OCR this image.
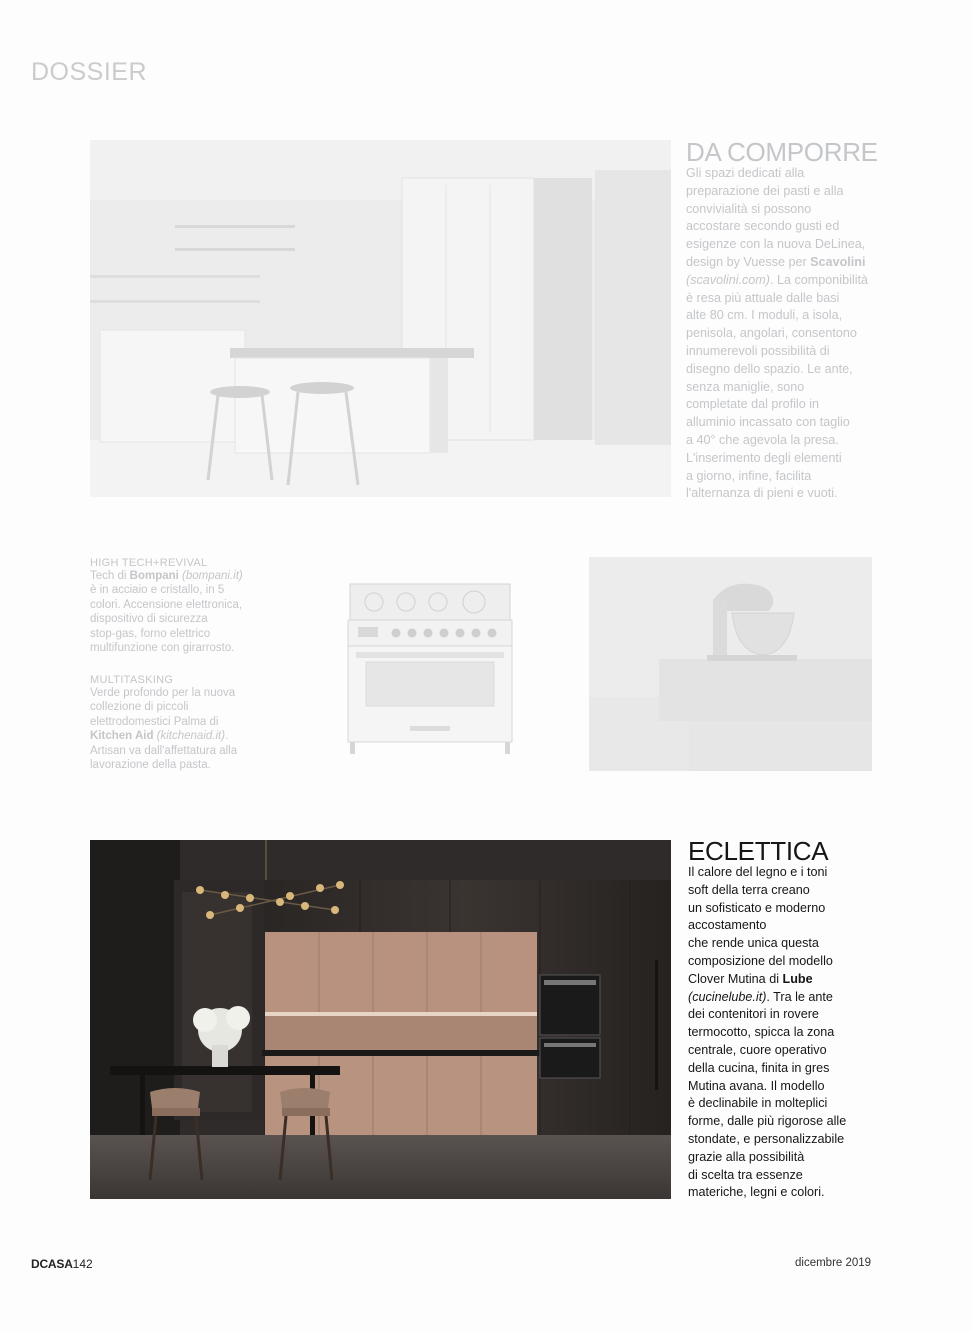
DOSSIER
DA COMPORRE

Gli spazi dedicati alla
preparazione dei pasti e alla
convivialità si possono
accostare secondo gusti ed
esigenze con la nuova DeLinea,
design by Vuesse per Scavolini
(scavolini.com). La componibilità
è resa più attuale dalle basi
alte 80 cm. I moduli, a isola,
penisola, angolari, consentono
innumerevoli possibilità di
disegno dello spazio. Le ante,
senza maniglie, sono
completate dal profilo in
alluminio incassato con taglio
a 40° che agevola la presa.
L'inserimento degli elementi
a giorno, infine, facilita
l'alternanza di pieni e vuoti.

HIGH TECH+REVIVAL

Tech di Bompani (bompani.it)
è in acciaio e cristallo, in 5
colori. Accensione elettronica,
dispositivo di sicurezza
stop-gas, forno elettrico
multifunzione con girarrosto.

MULTITASKING

Verde profondo per la nuova
collezione di piccoli
elettrodomestici Palma di
Kitchen Aid (kitchenaid.it).
Artisan va dall'affettatura alla
lavorazione della pasta.

ECLETTICA

Il calore del legno e i toni
soft della terra creano
un sofisticato e moderno
accostamento
che rende unica questa
composizione del modello
Clover Mutina di Lube
(cucinelube.it). Tra le ante
dei contenitori in rovere
termocotto, spicca la zona
centrale, cuore operativo
della cucina, finita in gres
Mutina avana. Il modello
è declinabile in molteplici
forme, dalle più rigorose alle
stondate, e personalizzabile
grazie alla possibilità
di scelta tra essenze
materiche, legni e colori.

DCASA142	dicembre 2019
